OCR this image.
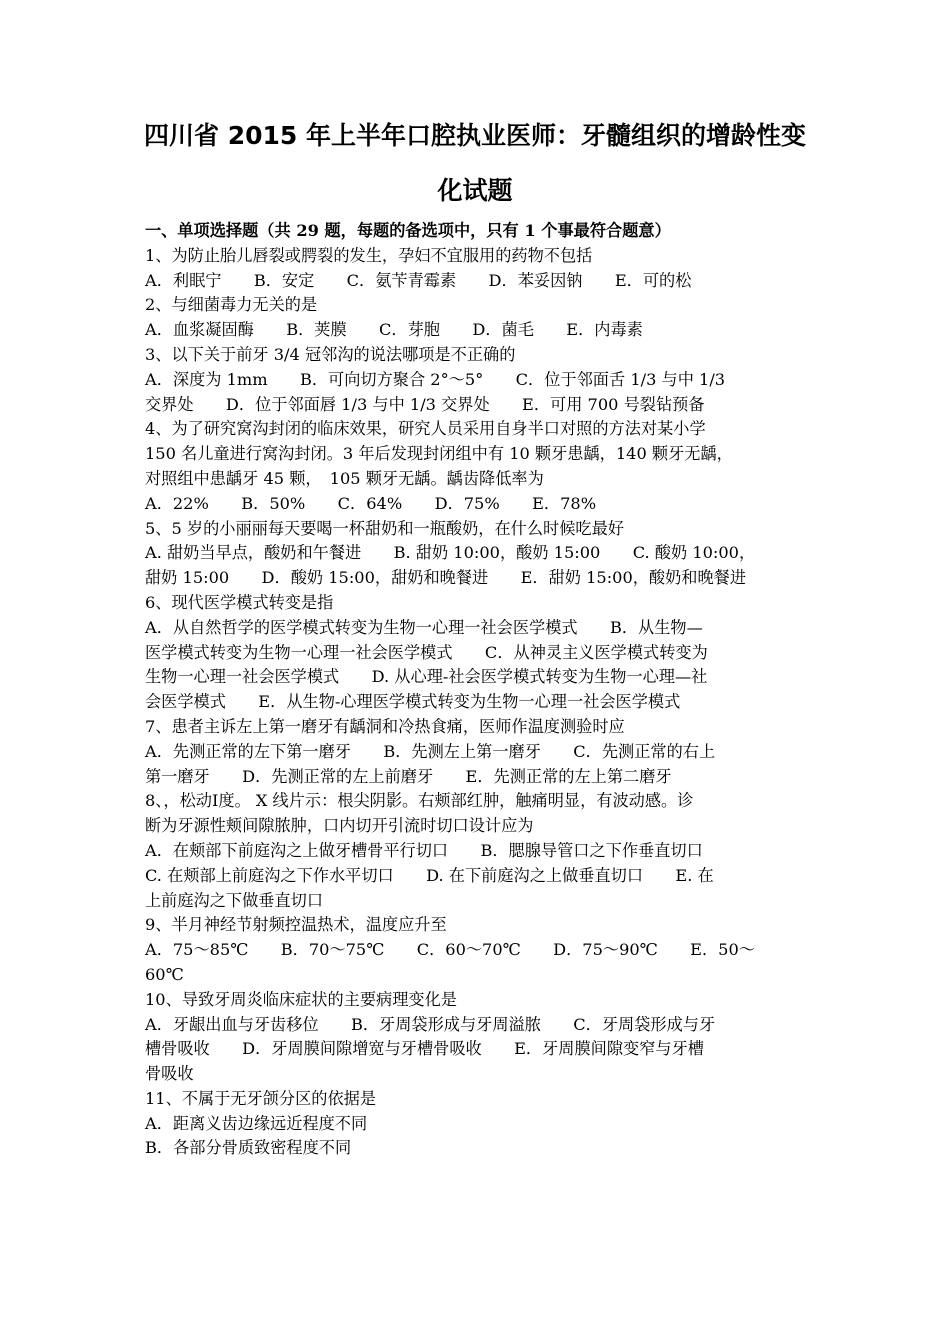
四川省 2015 年上半年口腔执业医师：牙髓组织的增龄性变
化试题
一、单项选择题（共 29 题，每题的备选项中，只有 1 个事最符合题意）
1、为防止胎儿唇裂或腭裂的发生，孕妇不宜服用的药物不包括
A．利眠宁　　B．安定　　C．氨苄青霉素　　D．苯妥因钠　　E．可的松
2、与细菌毒力无关的是
A．血浆凝固酶　　B．荚膜　　C．芽胞　　D．菌毛　　E．内毒素
3、以下关于前牙 3/4 冠邻沟的说法哪项是不正确的
A．深度为 1mm　　B．可向切方聚合 2°～5°　　C．位于邻面舌 1/3 与中 1/3
交界处　　D．位于邻面唇 1/3 与中 1/3 交界处　　E．可用 700 号裂钻预备
4、为了研究窝沟封闭的临床效果，研究人员采用自身半口对照的方法对某小学
150 名儿童进行窝沟封闭。3 年后发现封闭组中有 10 颗牙患龋，140 颗牙无龋，
对照组中患龋牙 45 颗，　105 颗牙无龋。龋齿降低率为
A．22%　　B．50%　　C．64%　　D．75%　　E．78%
5、5 岁的小丽丽每天要喝一杯甜奶和一瓶酸奶，在什么时候吃最好
A. 甜奶当早点，酸奶和午餐进　　B. 甜奶 10:00，酸奶 15:00　　C. 酸奶 10:00，
甜奶 15:00　　D．酸奶 15:00，甜奶和晚餐进　　E．甜奶 15:00，酸奶和晚餐进
6、现代医学模式转变是指
A．从自然哲学的医学模式转变为生物一心理一社会医学模式　　B．从生物—
医学模式转变为生物一心理一社会医学模式　　C．从神灵主义医学模式转变为
生物一心理一社会医学模式　　D. 从心理-社会医学模式转变为生物一心理—社
会医学模式　　E．从生物-心理医学模式转变为生物一心理一社会医学模式
7、患者主诉左上第一磨牙有龋洞和冷热食痛，医师作温度测验时应
A．先测正常的左下第一磨牙　　B．先测左上第一磨牙　　C．先测正常的右上
第一磨牙　　D．先测正常的左上前磨牙　　E．先测正常的左上第二磨牙
8、，松动Ⅰ度。 X 线片示：根尖阴影。右颊部红肿，触痛明显，有波动感。诊
断为牙源性颊间隙脓肿，口内切开引流时切口设计应为
A．在颊部下前庭沟之上做牙槽骨平行切口　　B．腮腺导管口之下作垂直切口
C. 在颊部上前庭沟之下作水平切口　　D. 在下前庭沟之上做垂直切口　　E. 在
上前庭沟之下做垂直切口
9、半月神经节射频控温热术，温度应升至
A．75～85℃　　B．70～75℃　　C．60～70℃　　D．75～90℃　　E．50～
60℃
10、导致牙周炎临床症状的主要病理变化是
A．牙龈出血与牙齿移位　　B．牙周袋形成与牙周溢脓　　C．牙周袋形成与牙
槽骨吸收　　D．牙周膜间隙增宽与牙槽骨吸收　　E．牙周膜间隙变窄与牙槽
骨吸收
11、不属于无牙颌分区的依据是
A．距离义齿边缘远近程度不同
B．各部分骨质致密程度不同
